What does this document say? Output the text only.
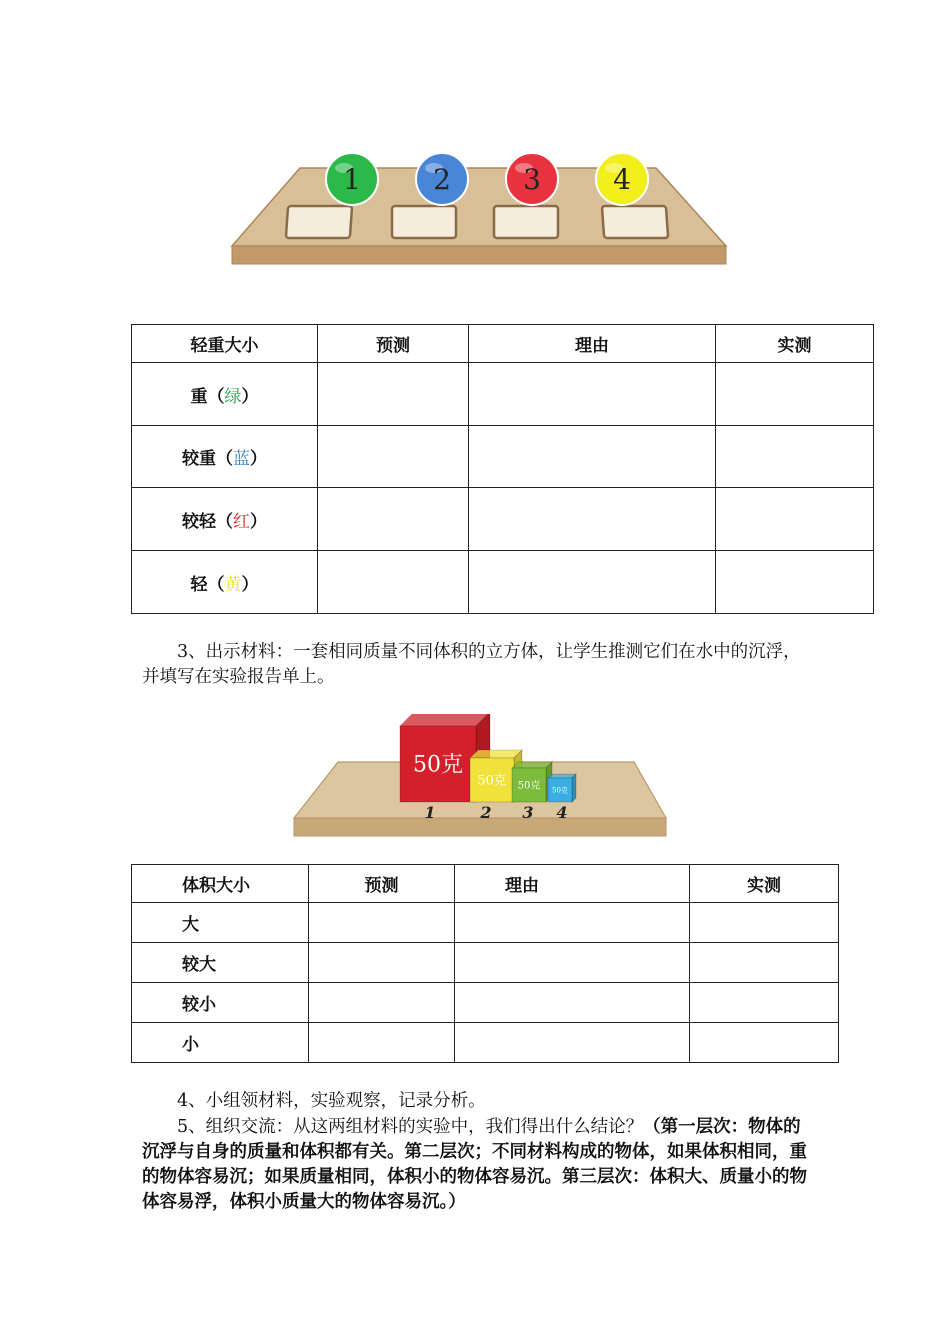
1	2	3	4
轻重大小	预测	理由	实测
重（绿）			
较重（蓝）			
较轻（红）			
轻（黄）			
3、出示材料：一套相同质量不同体积的立方体，让学生推测它们在水中的沉浮，并填写在实验报告单上。
50克
1
50克
2
50克
3
50克
4
体积大小	预测	理由	实测
大			
较大			
较小			
小			
4、小组领材料，实验观察，记录分析。
5、组织交流：从这两组材料的实验中，我们得出什么结论？（第一层次：物体的沉浮与自身的质量和体积都有关。第二层次；不同材料构成的物体，如果体积相同，重的物体容易沉；如果质量相同，体积小的物体容易沉。第三层次：体积大、质量小的物体容易浮，体积小质量大的物体容易沉。）
